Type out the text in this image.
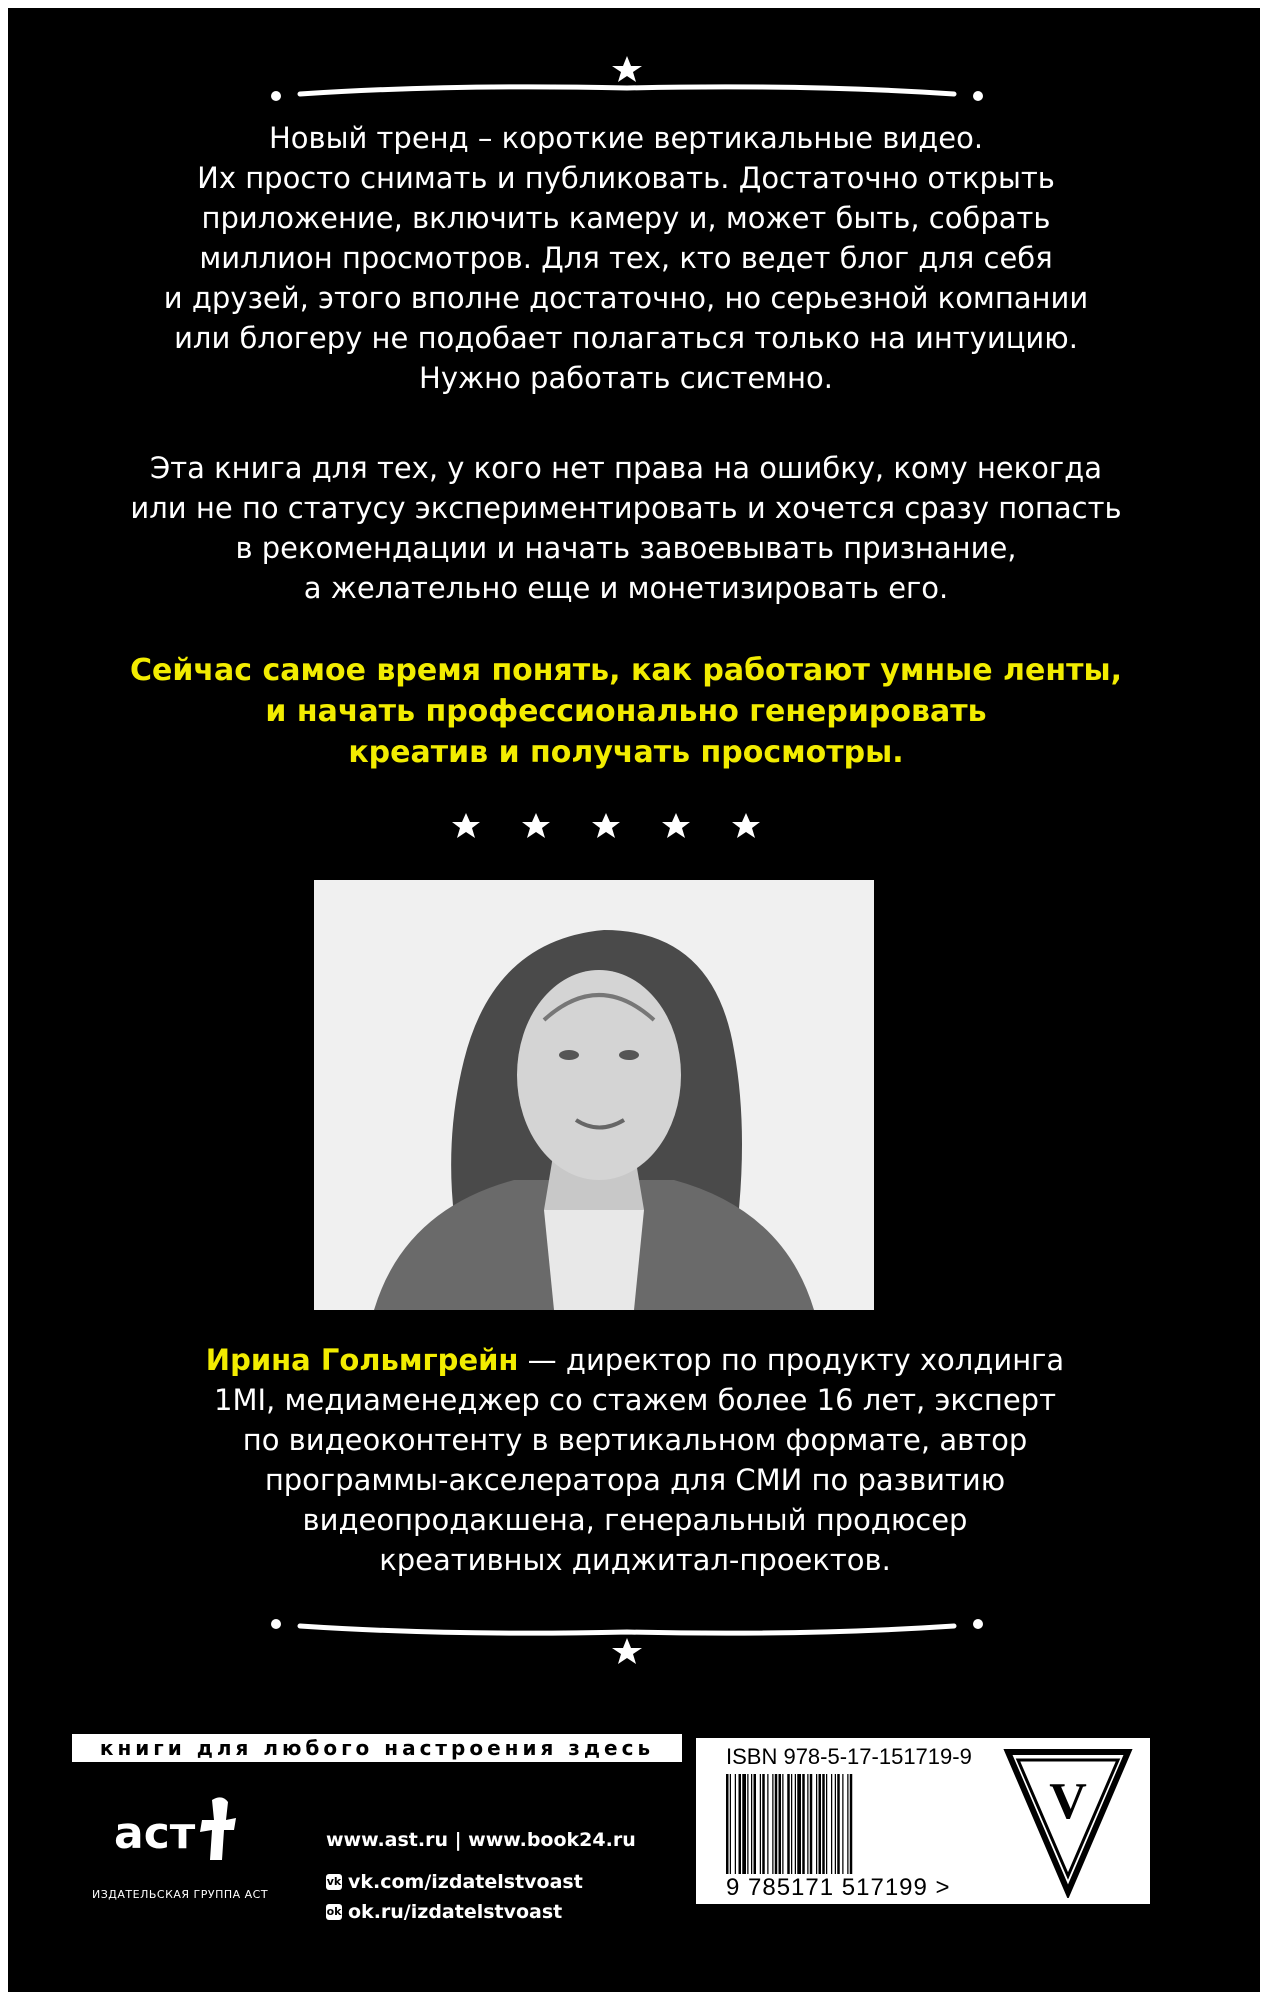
Новый тренд – короткие вертикальные видео.
Их просто снимать и публиковать. Достаточно открыть
приложение, включить камеру и, может быть, собрать
миллион просмотров. Для тех, кто ведет блог для себя
и друзей, этого вполне достаточно, но серьезной компании
или блогеру не подобает полагаться только на интуицию.
Нужно работать системно.
Эта книга для тех, у кого нет права на ошибку, кому некогда
или не по статусу экспериментировать и хочется сразу попасть
в рекомендации и начать завоевывать признание,
а желательно еще и монетизировать его.
Сейчас самое время понять, как работают умные ленты,
и начать профессионально генерировать
креатив и получать просмотры.
Ирина Гольмгрейн — директор по продукту холдинга
1MI, медиаменеджер со стажем более 16 лет, эксперт
по видеоконтенту в вертикальном формате, автор
программы-акселератора для СМИ по развитию
видеопродакшена, генеральный продюсер
креативных диджитал-проектов.
книги для любого настроения здесь
аст
ИЗДАТЕЛЬСКАЯ ГРУППА АСТ
www.ast.ru | www.book24.ru
vk vk.com/izdatelstvoast
ok ok.ru/izdatelstvoast
ISBN 978-5-17-151719-9
9 785171 517199 >
V
